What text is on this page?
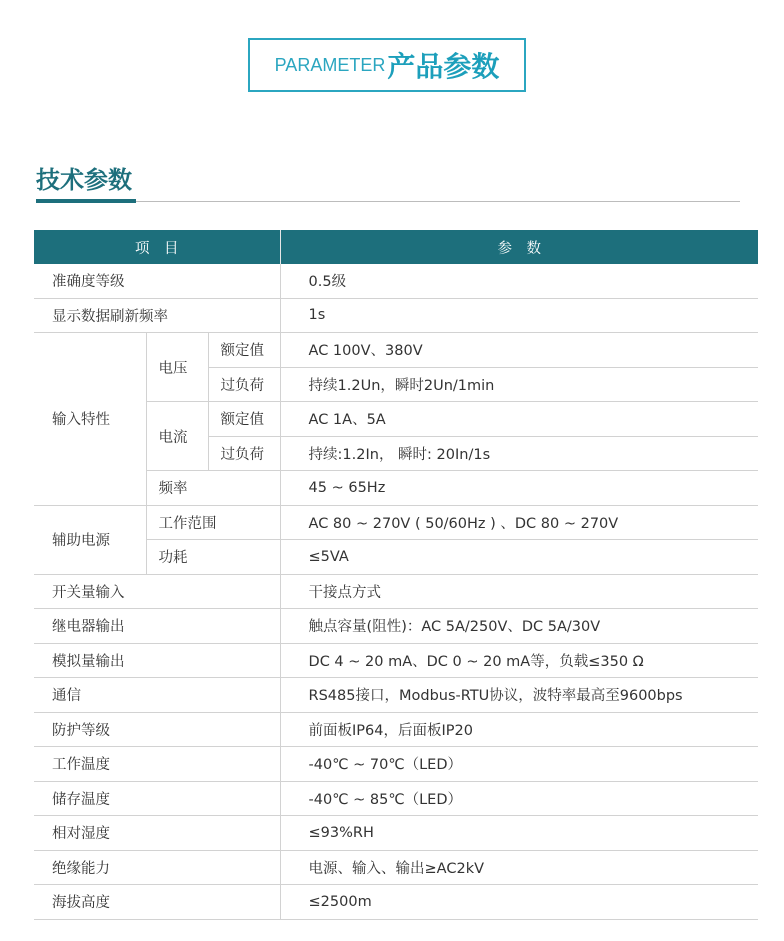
PARAMETER 产品参数
技术参数
项　目			参　数
准确度等级			0.5级
显示数据刷新频率			1s
输入特性	电压	额定值	AC 100V、380V
		过负荷	持续1.2Un，瞬时2Un/1min
	电流	额定值	AC 1A、5A
		过负荷	持续:1.2In， 瞬时: 20In/1s
	频率		45 ~ 65Hz
辅助电源	工作范围		AC 80 ~ 270V ( 50/60Hz ) 、DC 80 ~ 270V
	功耗		≤5VA
开关量输入			干接点方式
继电器输出			触点容量(阻性)：AC 5A/250V、DC 5A/30V
模拟量输出			DC 4 ~ 20 mA、DC 0 ~ 20 mA等，负载≤350 Ω
通信			RS485接口，Modbus-RTU协议，波特率最高至9600bps
防护等级			前面板IP64，后面板IP20
工作温度			-40℃ ~ 70℃（LED）
储存温度			-40℃ ~ 85℃（LED）
相对湿度			≤93%RH
绝缘能力			电源、输入、输出≥AC2kV
海拔高度			≤2500m
